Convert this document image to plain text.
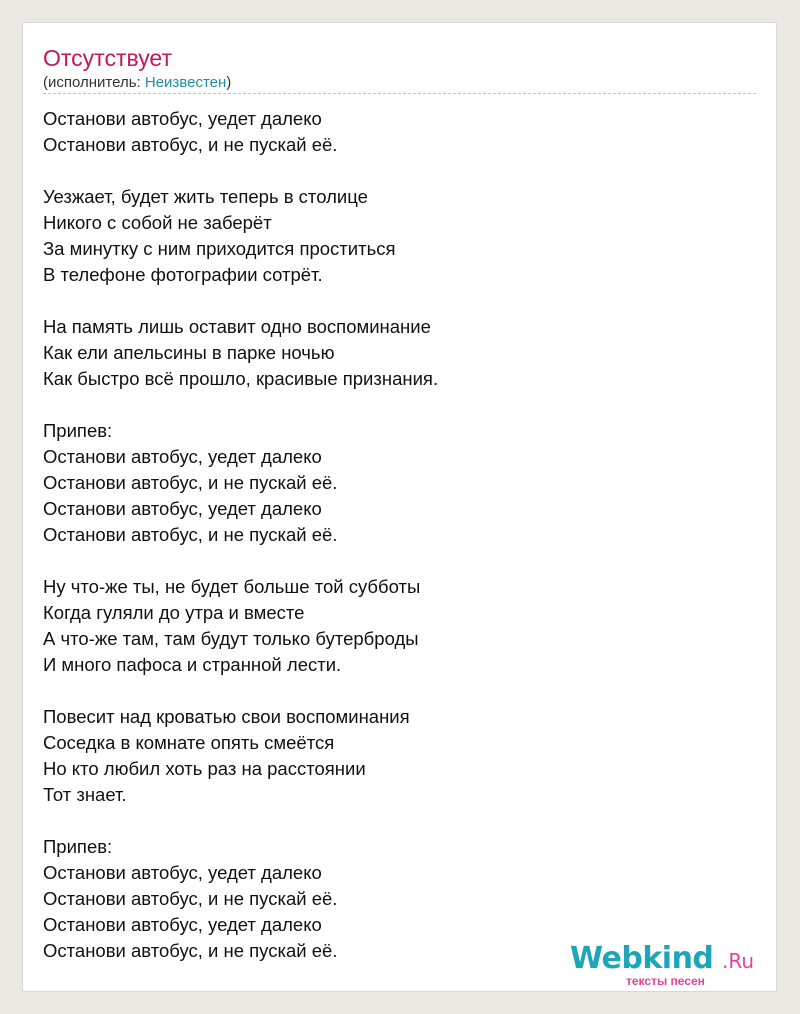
Отсутствует
(исполнитель: Неизвестен)
Останови автобус, уедет далеко
Останови автобус, и не пускай её.
Уезжает, будет жить теперь в столице
Никого с собой не заберёт
За минутку с ним приходится проститься
В телефоне фотографии сотрёт.
На память лишь оставит одно воспоминание
Как ели апельсины в парке ночью
Как быстро всё прошло, красивые признания.
Припев:
Останови автобус, уедет далеко
Останови автобус, и не пускай её.
Останови автобус, уедет далеко
Останови автобус, и не пускай её.
Ну что-же ты, не будет больше той субботы
Когда гуляли до утра и вместе
А что-же там, там будут только бутерброды
И много пафоса и странной лести.
Повесит над кроватью свои воспоминания
Соседка в комнате опять смеётся
Но кто любил хоть раз на расстоянии
Тот знает.
Припев:
Останови автобус, уедет далеко
Останови автобус, и не пускай её.
Останови автобус, уедет далеко
Останови автобус, и не пускай её.	Webkind .Ru
тексты песен
